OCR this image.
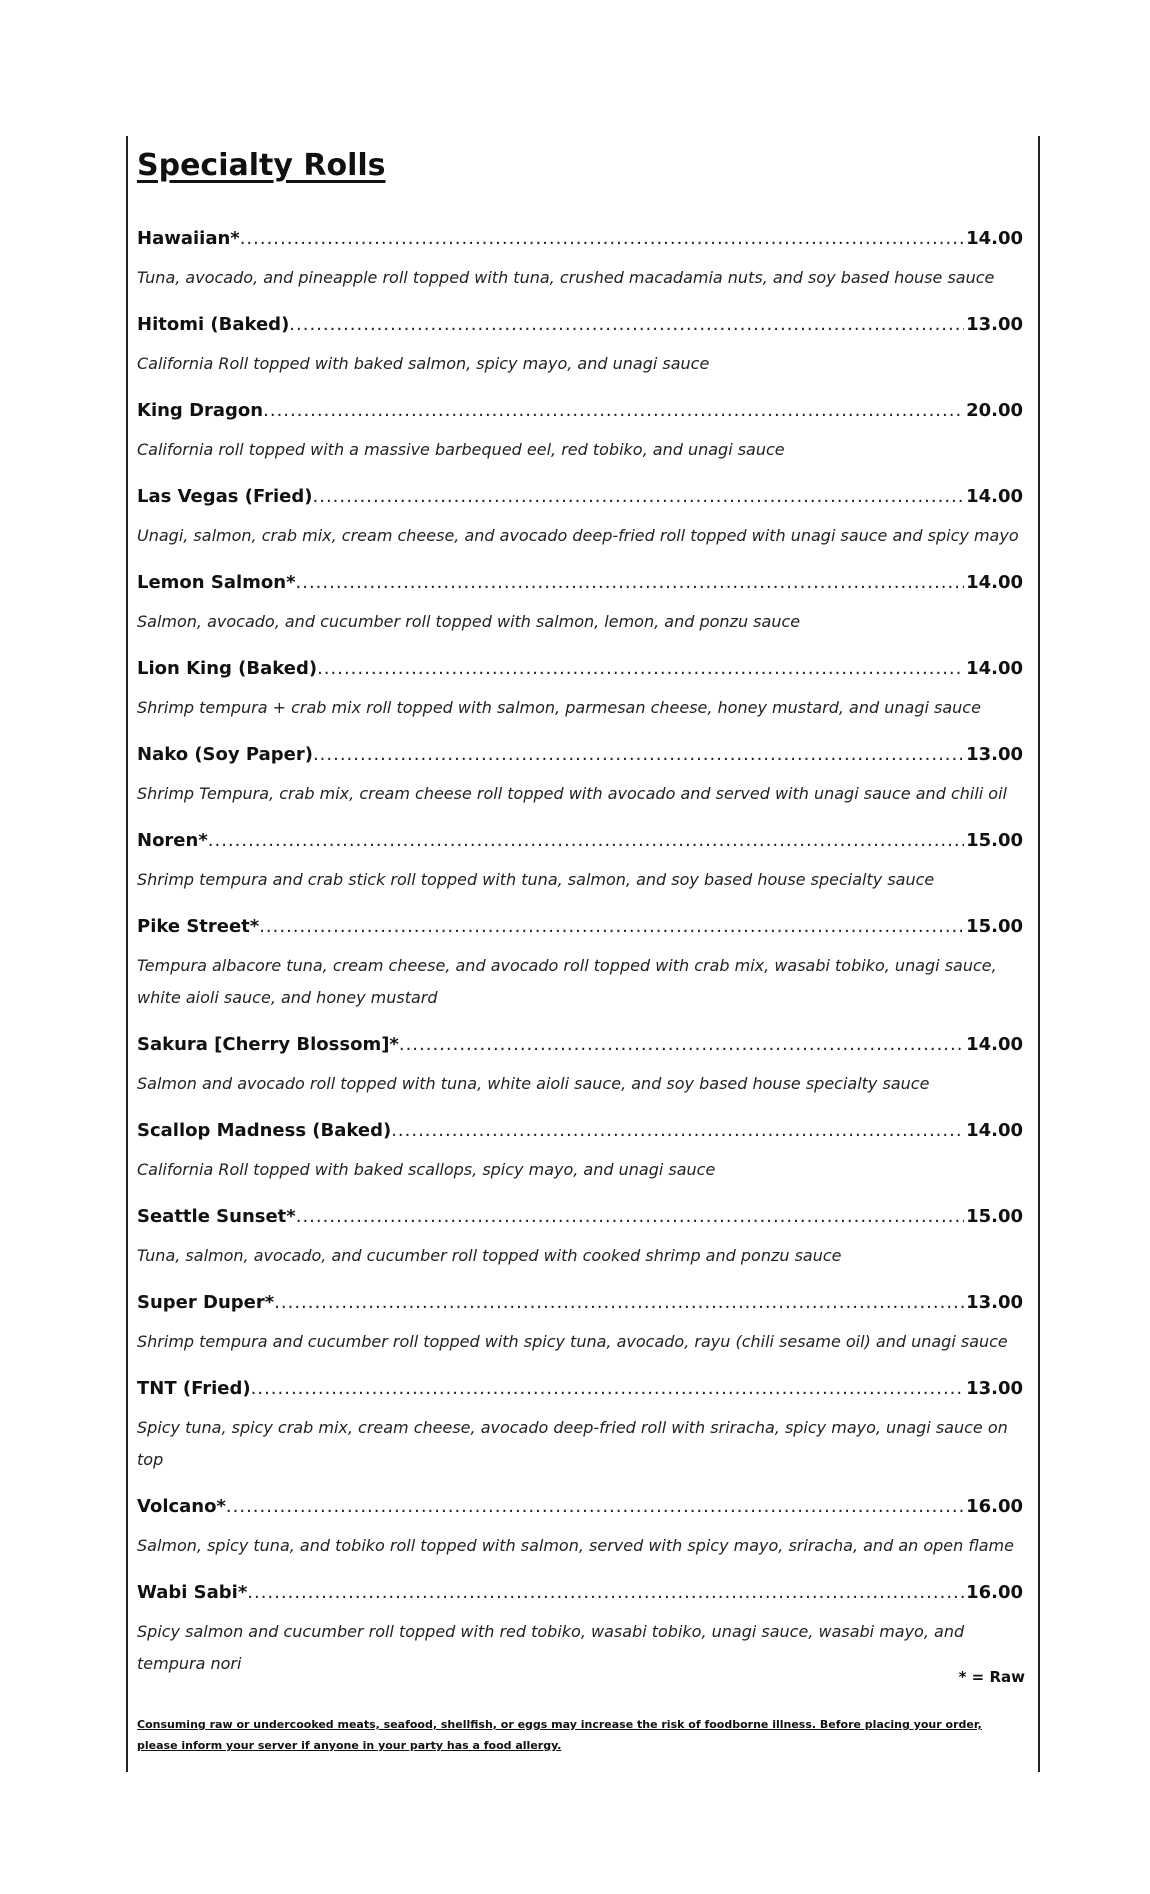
Specialty Rolls
Hawaiian* .....	14.00
Tuna, avocado, and pineapple roll topped with tuna, crushed macadamia nuts, and soy based house sauce
Hitomi (Baked) .....	13.00
California Roll topped with baked salmon, spicy mayo, and unagi sauce
King Dragon .....	20.00
California roll topped with a massive barbequed eel, red tobiko, and unagi sauce
Las Vegas (Fried) .....	14.00
Unagi, salmon, crab mix, cream cheese, and avocado deep-fried roll topped with unagi sauce and spicy mayo
Lemon Salmon* .....	14.00
Salmon, avocado, and cucumber roll topped with salmon, lemon, and ponzu sauce
Lion King (Baked) .....	14.00
Shrimp tempura + crab mix roll topped with salmon, parmesan cheese, honey mustard, and unagi sauce
Nako (Soy Paper) .....	13.00
Shrimp Tempura, crab mix, cream cheese roll topped with avocado and served with unagi sauce and chili oil
Noren* .....	15.00
Shrimp tempura and crab stick roll topped with tuna, salmon, and soy based house specialty sauce
Pike Street* .....	15.00
Tempura albacore tuna, cream cheese, and avocado roll topped with crab mix, wasabi tobiko, unagi sauce, white aioli sauce, and honey mustard
Sakura [Cherry Blossom]* .....	14.00
Salmon and avocado roll topped with tuna, white aioli sauce, and soy based house specialty sauce
Scallop Madness (Baked) .....	14.00
California Roll topped with baked scallops, spicy mayo, and unagi sauce
Seattle Sunset* .....	15.00
Tuna, salmon, avocado, and cucumber roll topped with cooked shrimp and ponzu sauce
Super Duper* .....	13.00
Shrimp tempura and cucumber roll topped with spicy tuna, avocado, rayu (chili sesame oil) and unagi sauce
TNT (Fried) .....	13.00
Spicy tuna, spicy crab mix, cream cheese, avocado deep-fried roll with sriracha, spicy mayo, unagi sauce on top
Volcano* .....	16.00
Salmon, spicy tuna, and tobiko roll topped with salmon, served with spicy mayo, sriracha, and an open flame
Wabi Sabi* .....	16.00
Spicy salmon and cucumber roll topped with red tobiko, wasabi tobiko, unagi sauce, wasabi mayo, and tempura nori
* = Raw
Consuming raw or undercooked meats, seafood, shellfish, or eggs may increase the risk of foodborne illness. Before placing your order, please inform your server if anyone in your party has a food allergy.
